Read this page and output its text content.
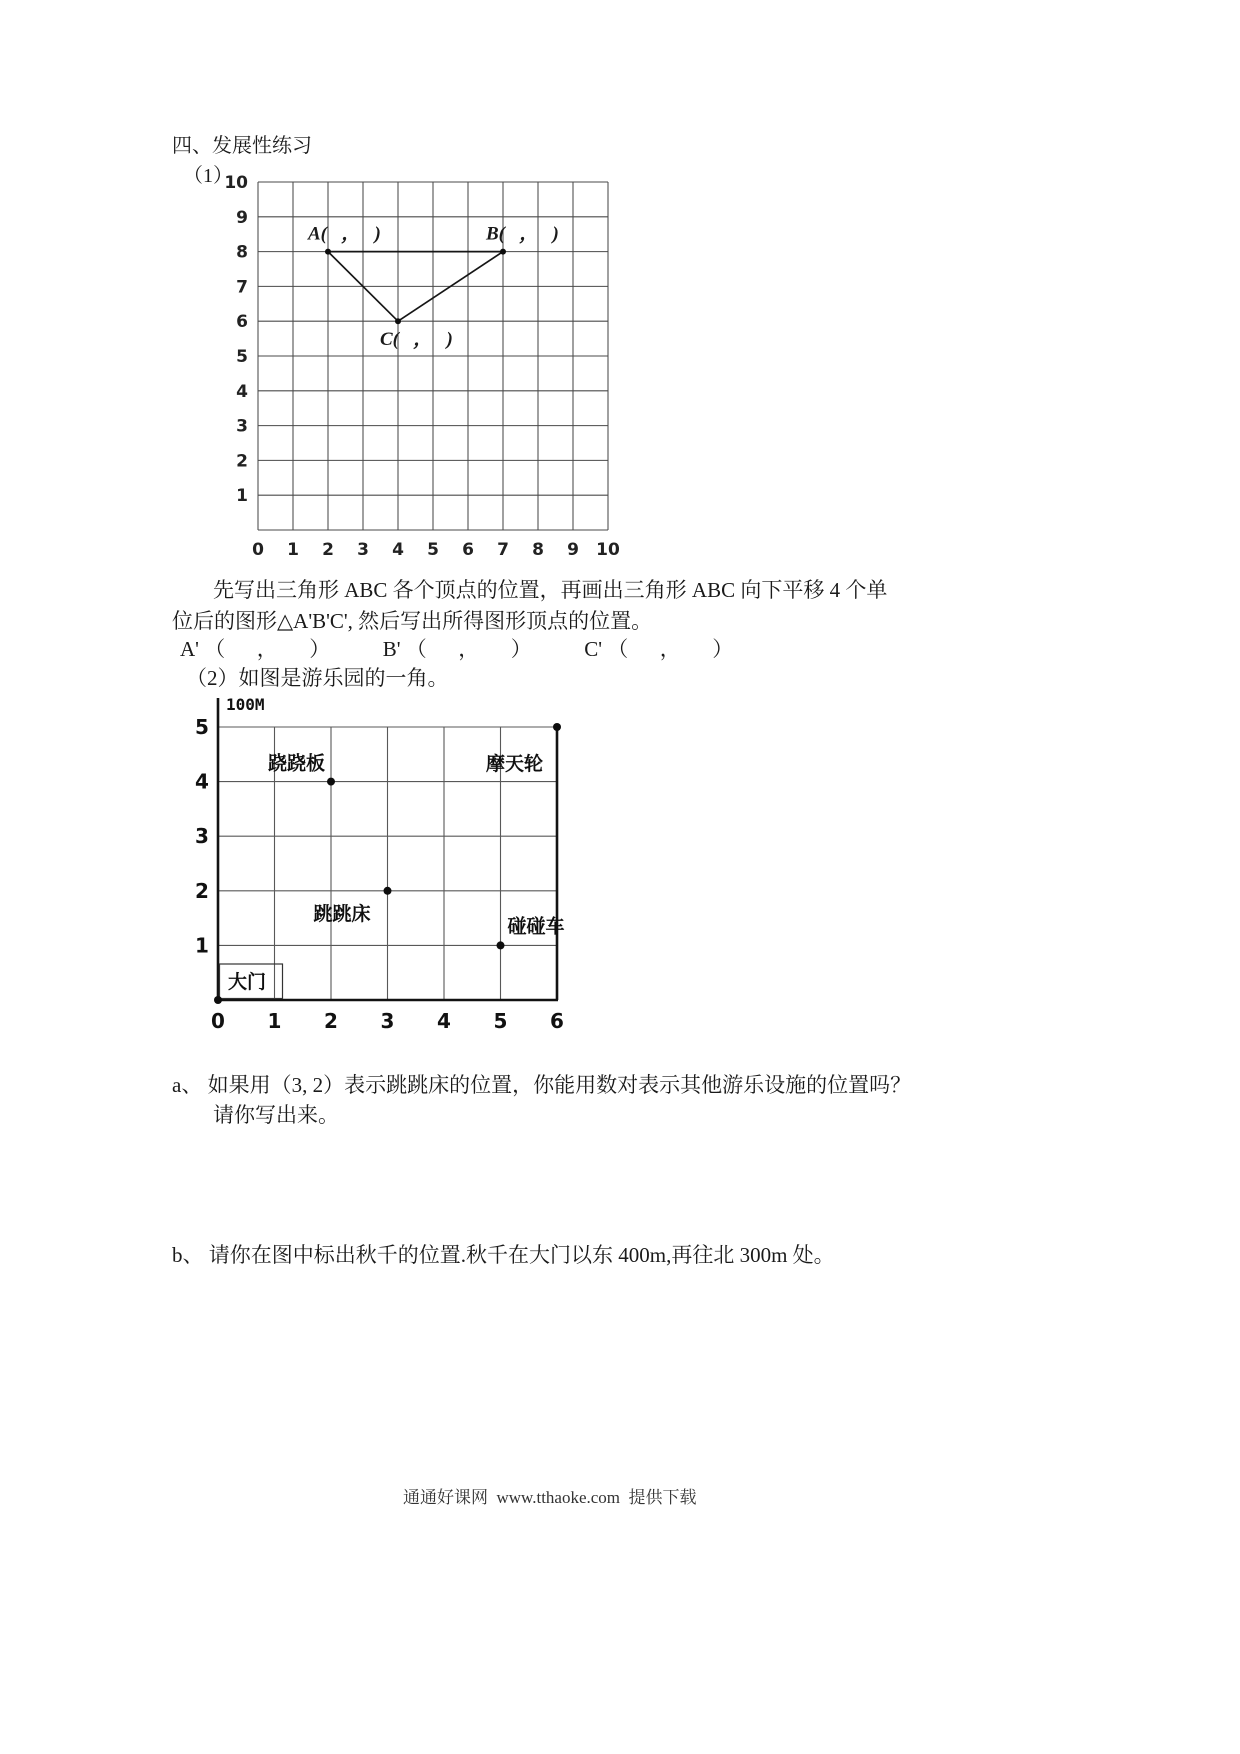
四、发展性练习
（1）
A(   ，   )	B(   ，   )
C(   ，   )
0 1 2 3 4 5 6 7 8 9 10
1
2
3
4
5
6
7
8
9
10
先写出三角形 ABC 各个顶点的位置，再画出三角形 ABC 向下平移 4 个单
位后的图形△A'B'C', 然后写出所得图形顶点的位置。
A' （      ，      ）          B' （      ，      ）          C' （      ，      ）
（2）如图是游乐园的一角。
100M
跷跷板	摩天轮
跳跳床
碰碰车
大门
0 1 2 3 4 5 6
1
2
3
4
5
a、 如果用（3, 2）表示跳跳床的位置，你能用数对表示其他游乐设施的位置吗？
请你写出来。
b、 请你在图中标出秋千的位置.秋千在大门以东 400m,再往北 300m 处。
通通好课网  www.tthaoke.com  提供下载
